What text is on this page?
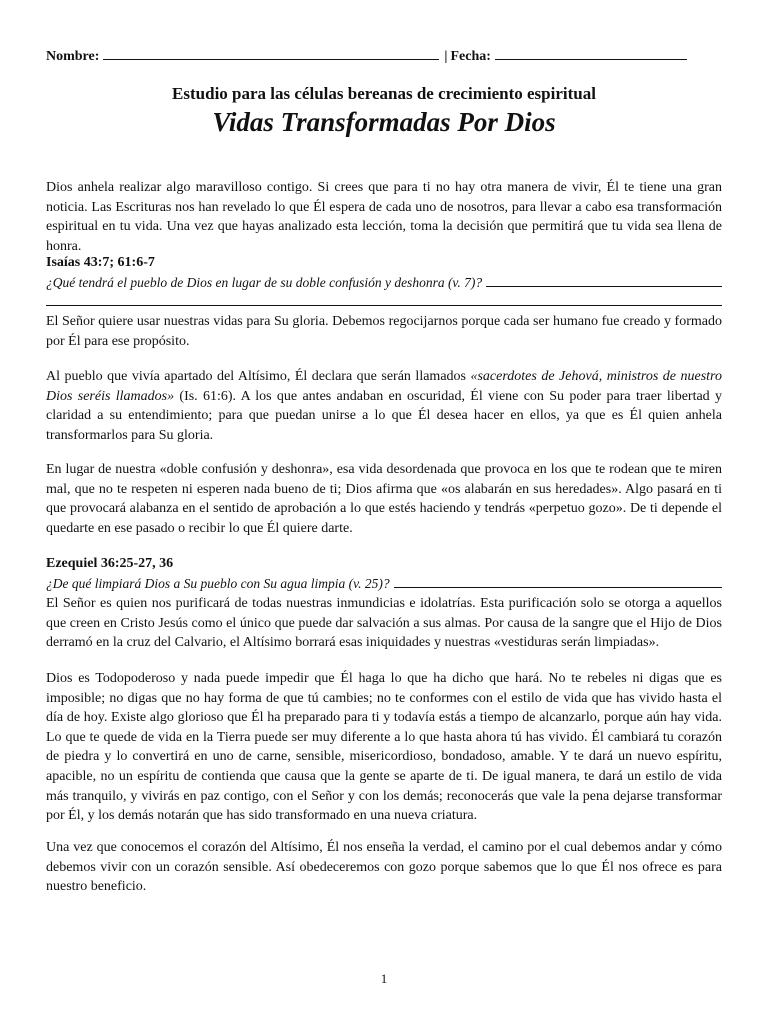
Nombre:	| Fecha:
Estudio para las células bereanas de crecimiento espiritual
Vidas Transformadas Por Dios

Dios anhela realizar algo maravilloso contigo. Si crees que para ti no hay otra manera de vivir, Él te tiene una gran noticia. Las Escrituras nos han revelado lo que Él espera de cada uno de nosotros, para llevar a cabo esa transformación espiritual en tu vida. Una vez que hayas analizado esta lección, toma la decisión que permitirá que tu vida sea llena de honra.

Isaías 43:7; 61:6-7
¿Qué tendrá el pueblo de Dios en lugar de su doble confusión y deshonra (v. 7)?

El Señor quiere usar nuestras vidas para Su gloria. Debemos regocijarnos porque cada ser humano fue creado y formado por Él para ese propósito.

Al pueblo que vivía apartado del Altísimo, Él declara que serán llamados «sacerdotes de Jehová, ministros de nuestro Dios seréis llamados» (Is. 61:6). A los que antes andaban en oscuridad, Él viene con Su poder para traer libertad y claridad a su entendimiento; para que puedan unirse a lo que Él desea hacer en ellos, ya que es Él quien anhela transformarlos para Su gloria.

En lugar de nuestra «doble confusión y deshonra», esa vida desordenada que provoca en los que te rodean que te miren mal, que no te respeten ni esperen nada bueno de ti; Dios afirma que «os alabarán en sus heredades». Algo pasará en ti que provocará alabanza en el sentido de aprobación a lo que estés haciendo y tendrás «perpetuo gozo». De ti depende el quedarte en ese pasado o recibir lo que Él quiere darte.

Ezequiel 36:25-27, 36
¿De qué limpiará Dios a Su pueblo con Su agua limpia (v. 25)?

El Señor es quien nos purificará de todas nuestras inmundicias e idolatrías. Esta purificación solo se otorga a aquellos que creen en Cristo Jesús como el único que puede dar salvación a sus almas. Por causa de la sangre que el Hijo de Dios derramó en la cruz del Calvario, el Altísimo borrará esas iniquidades y nuestras «vestiduras serán limpiadas».

Dios es Todopoderoso y nada puede impedir que Él haga lo que ha dicho que hará. No te rebeles ni digas que es imposible; no digas que no hay forma de que tú cambies; no te conformes con el estilo de vida que has vivido hasta el día de hoy. Existe algo glorioso que Él ha preparado para ti y todavía estás a tiempo de alcanzarlo, porque aún hay vida. Lo que te quede de vida en la Tierra puede ser muy diferente a lo que hasta ahora tú has vivido. Él cambiará tu corazón de piedra y lo convertirá en uno de carne, sensible, misericordioso, bondadoso, amable. Y te dará un nuevo espíritu, apacible, no un espíritu de contienda que causa que la gente se aparte de ti. De igual manera, te dará un estilo de vida más tranquilo, y vivirás en paz contigo, con el Señor y con los demás; reconocerás que vale la pena dejarse transformar por Él, y los demás notarán que has sido transformado en una nueva criatura.

Una vez que conocemos el corazón del Altísimo, Él nos enseña la verdad, el camino por el cual debemos andar y cómo debemos vivir con un corazón sensible. Así obedeceremos con gozo porque sabemos que lo que Él nos ofrece es para nuestro beneficio.

1
